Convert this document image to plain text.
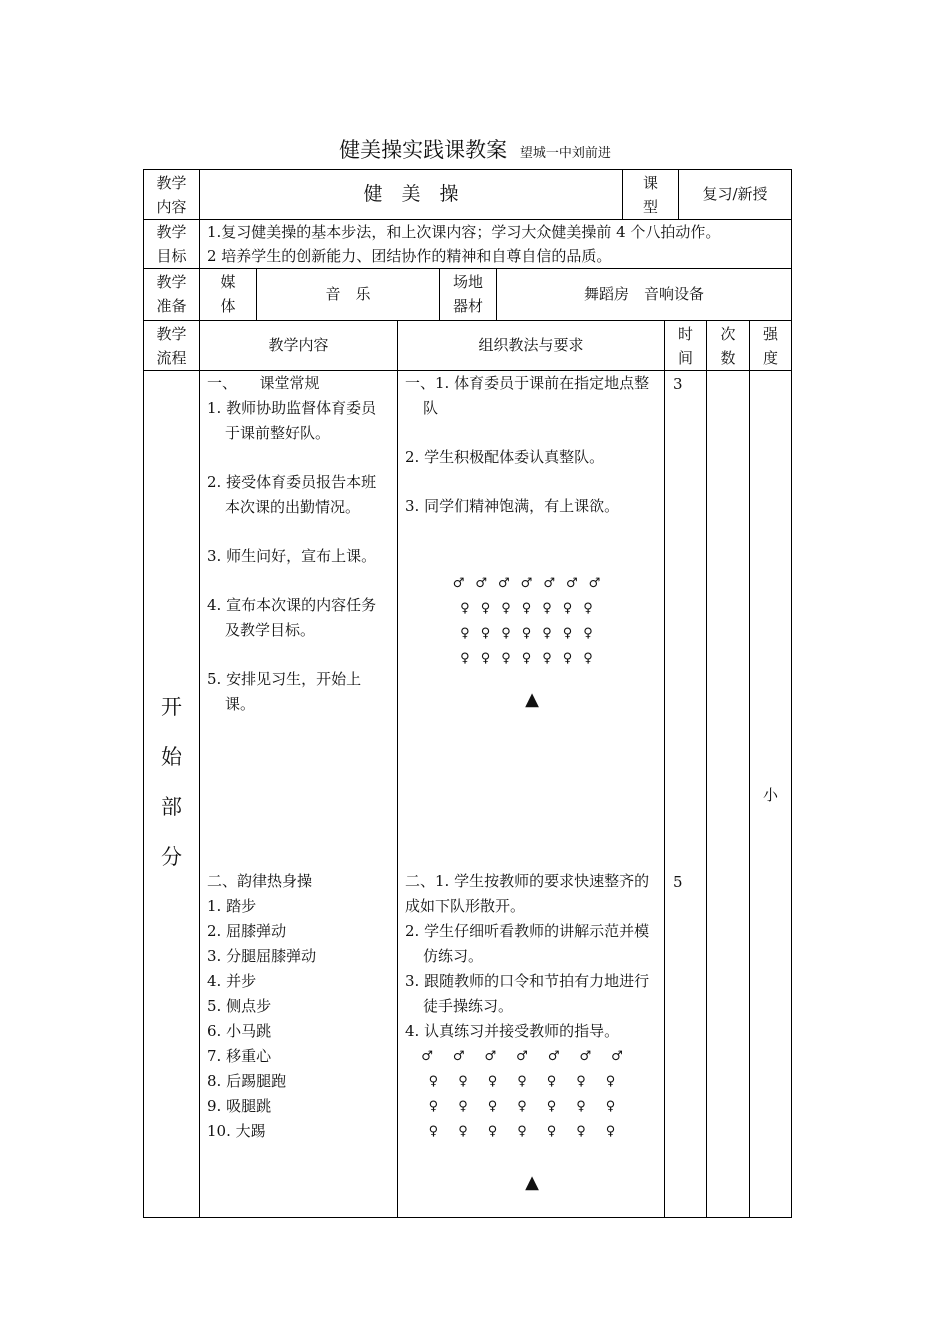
健美操实践课教案 望城一中刘前进
教学内容
健　美　操	课型
复习/新授
教学目标
1.复习健美操的基本步法，和上次课内容；学习大众健美操前 4 个八拍动作。
2 培养学生的创新能力、团结协作的精神和自尊自信的品质。
教学准备
媒体
音　乐
场地器材
舞蹈房　音响设备
教学流程
教学内容	组织教法与要求
时间
次数
强度
开
始
部
分
一、　　课堂常规
1. 教师协助监督体育委员于课前整好队。
2. 接受体育委员报告本班本次课的出勤情况。
3. 师生问好，宣布上课。
4. 宣布本次课的内容任务及教学目标。
5. 安排见习生，开始上课。
一、1. 体育委员于课前在指定地点整队
2. 学生积极配体委认真整队。
3. 同学们精神饱满，有上课欲。
♂♂♂♂♂♂♂
♀♀♀♀♀♀♀
♀♀♀♀♀♀♀
♀♀♀♀♀♀♀
▲
3
小
二、韵律热身操
1. 踏步
2. 屈膝弹动
3. 分腿屈膝弹动
4. 并步
5. 侧点步
6. 小马跳
7. 移重心
8. 后踢腿跑
9. 吸腿跳
10. 大踢
二、1. 学生按教师的要求快速整齐的成如下队形散开。
2. 学生仔细听看教师的讲解示范并模仿练习。
3. 跟随教师的口令和节拍有力地进行徒手操练习。
4. 认真练习并接受教师的指导。
♂♂♂♂♂♂♂
♀♀♀♀♀♀♀
♀♀♀♀♀♀♀
♀♀♀♀♀♀♀
▲
5
